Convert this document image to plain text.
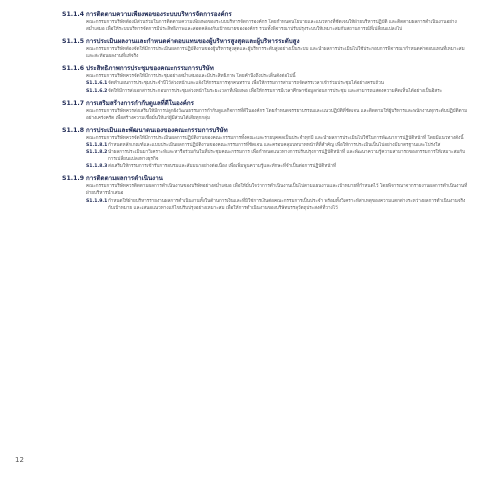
S1.1.4 การติดตามความเพียงพอของระบบบริหารจัดการองค์กร
คณะกรรมการบริษัทต้องมีส่วนร่วมในการติดตามความเพียงพอของระบบบริหารจัดการองค์กร โดยกำหนดนโยบายและแนวทางที่ชัดเจนให้ฝ่ายบริหารปฏิบัติ และติดตามผลการดำเนินงานอย่างสม่ำเสมอ เพื่อให้ระบบบริหารจัดการมีประสิทธิภาพและสอดคล้องกับเป้าหมายขององค์กร รวมทั้งพิจารณาปรับปรุงระบบให้เหมาะสมกับสถานการณ์ที่เปลี่ยนแปลงไป
S1.1.5 การประเมินผลงานและกำหนดค่าตอบแทนของผู้บริหารสูงสุดและผู้บริหารระดับสูง
คณะกรรมการบริษัทต้องจัดให้มีการประเมินผลการปฏิบัติงานของผู้บริหารสูงสุดและผู้บริหารระดับสูงอย่างเป็นระบบ และนำผลการประเมินไปใช้ประกอบการพิจารณากำหนดค่าตอบแทนที่เหมาะสมและสะท้อนผลงานที่แท้จริง
S1.1.6 ประสิทธิภาพการประชุมของคณะกรรมการบริษัท
คณะกรรมการบริษัทควรจัดให้มีการประชุมอย่างสม่ำเสมอและมีประสิทธิภาพ โดยคำนึงถึงประเด็นดังต่อไปนี้
S1.1.6.1 จัดทำแผนการประชุมประจำปีไว้ล่วงหน้าและแจ้งให้กรรมการทุกคนทราบ เพื่อให้กรรมการสามารถจัดสรรเวลาเข้าร่วมประชุมได้อย่างครบถ้วน
S1.1.6.2 จัดให้มีการส่งเอกสารประกอบการประชุมล่วงหน้าในระยะเวลาที่เพียงพอ เพื่อให้กรรมการมีเวลาศึกษาข้อมูลก่อนการประชุม และสามารถแสดงความคิดเห็นได้อย่างเป็นอิสระ
S1.1.7 การเสริมสร้างการกำกับดูแลที่ดีในองค์กร
คณะกรรมการบริษัทควรส่งเสริมให้มีการปลูกฝังวัฒนธรรมการกำกับดูแลกิจการที่ดีในองค์กร โดยกำหนดจรรยาบรรณและแนวปฏิบัติที่ชัดเจน และติดตามให้ผู้บริหารและพนักงานทุกระดับปฏิบัติตามอย่างเคร่งครัด เพื่อสร้างความเชื่อมั่นให้แก่ผู้มีส่วนได้เสียทุกกลุ่ม
S1.1.8 การประเมินและพัฒนาตนเองของคณะกรรมการบริษัท
คณะกรรมการบริษัทควรจัดให้มีการประเมินผลการปฏิบัติงานของคณะกรรมการทั้งคณะและรายบุคคลเป็นประจำทุกปี และนำผลการประเมินไปใช้ในการพัฒนาการปฏิบัติหน้าที่ โดยมีแนวทางดังนี้
S1.1.8.1 กำหนดหลักเกณฑ์และแบบประเมินผลการปฏิบัติงานของคณะกรรมการที่ชัดเจน และครอบคลุมบทบาทหน้าที่ที่สำคัญ เพื่อให้การประเมินเป็นไปอย่างมีมาตรฐานและโปร่งใส
S1.1.8.2 นำผลการประเมินมาวิเคราะห์และหารือร่วมกันในที่ประชุมคณะกรรมการ เพื่อกำหนดแนวทางการปรับปรุงการปฏิบัติหน้าที่ และพัฒนาความรู้ความสามารถของกรรมการให้เหมาะสมกับการเปลี่ยนแปลงทางธุรกิจ
S1.1.8.3 ส่งเสริมให้กรรมการเข้ารับการอบรมและสัมมนาอย่างต่อเนื่อง เพื่อเพิ่มพูนความรู้และทักษะที่จำเป็นต่อการปฏิบัติหน้าที่
S1.1.9 การติดตามผลการดำเนินงาน
คณะกรรมการบริษัทควรติดตามผลการดำเนินงานของบริษัทอย่างสม่ำเสมอ เพื่อให้มั่นใจว่าการดำเนินงานเป็นไปตามแผนงานและเป้าหมายที่กำหนดไว้ โดยพิจารณาจากรายงานผลการดำเนินงานที่ฝ่ายบริหารนำเสนอ
S1.1.9.1 กำหนดให้ฝ่ายบริหารรายงานผลการดำเนินงานทั้งในด้านการเงินและที่มิใช่การเงินต่อคณะกรรมการเป็นประจำ พร้อมทั้งวิเคราะห์สาเหตุของความแตกต่างระหว่างผลการดำเนินงานจริงกับเป้าหมาย และเสนอแนวทางแก้ไขปรับปรุงอย่างเหมาะสม เพื่อให้การดำเนินงานของบริษัทบรรลุวัตถุประสงค์ที่วางไว้
12
